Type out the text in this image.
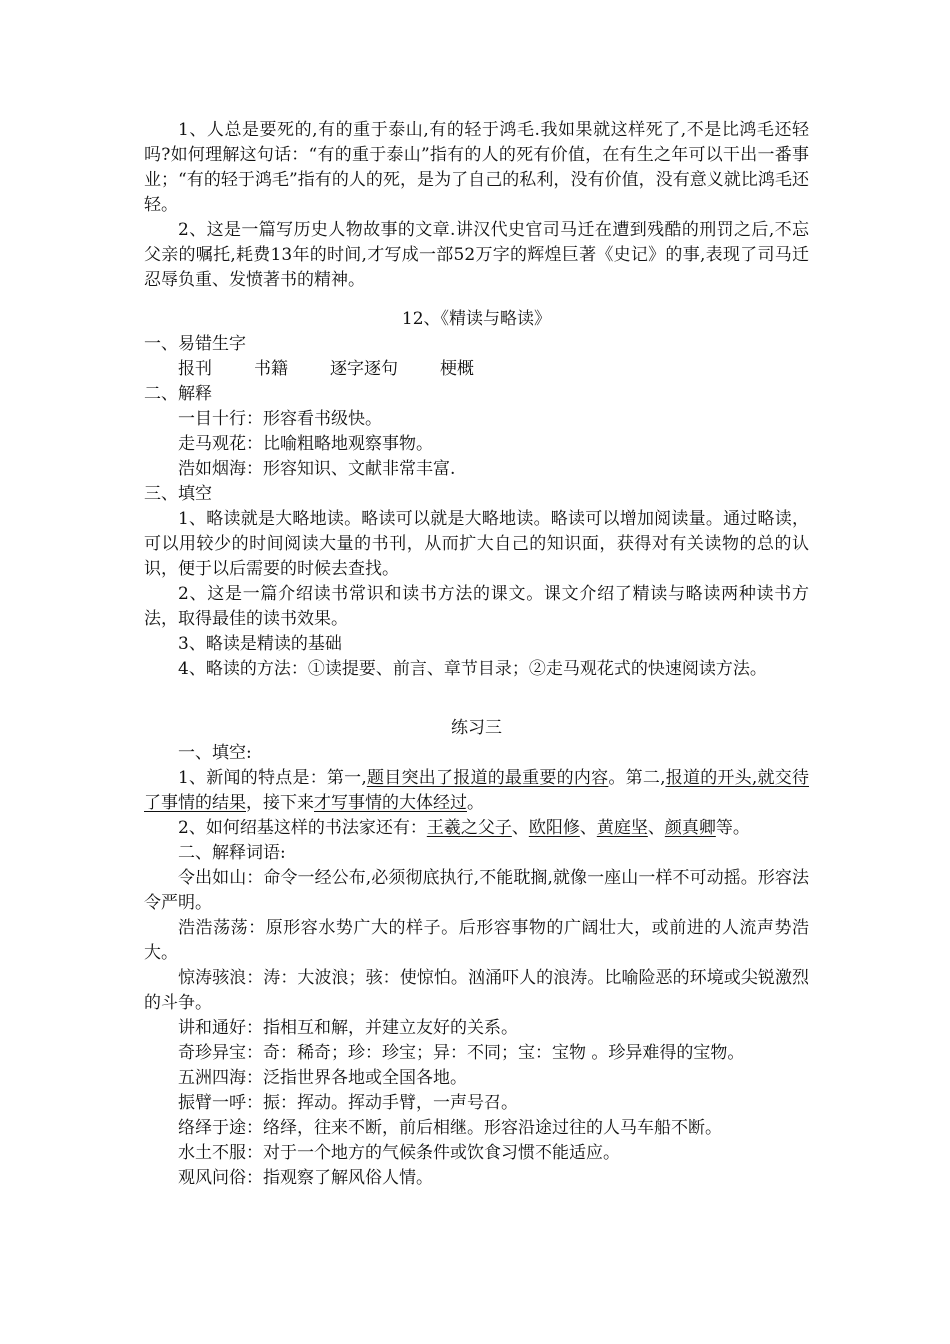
1、人总是要死的,有的重于泰山,有的轻于鸿毛.我如果就这样死了,不是比鸿毛还轻吗?如何理解这句话：“有的重于泰山”指有的人的死有价值，在有生之年可以干出一番事业；“有的轻于鸿毛”指有的人的死，是为了自己的私利，没有价值，没有意义就比鸿毛还轻。

2、这是一篇写历史人物故事的文章.讲汉代史官司马迁在遭到残酷的刑罚之后,不忘父亲的嘱托,耗费13年的时间,才写成一部52万字的辉煌巨著《史记》的事,表现了司马迁忍辱负重、发愤著书的精神。

12、《精读与略读》

一、易错生字

报刊 书籍 逐字逐句 梗概

二、解释

一目十行：形容看书级快。

走马观花：比喻粗略地观察事物。

浩如烟海：形容知识、文献非常丰富.

三、填空

1、略读就是大略地读。略读可以就是大略地读。略读可以增加阅读量。通过略读，可以用较少的时间阅读大量的书刊，从而扩大自己的知识面，获得对有关读物的总的认识，便于以后需要的时候去查找。

2、这是一篇介绍读书常识和读书方法的课文。课文介绍了精读与略读两种读书方法，取得最佳的读书效果。

3、略读是精读的基础

4、略读的方法：①读提要、前言、章节目录；②走马观花式的快速阅读方法。

练习三

一、填空:

1、新闻的特点是：第一,题目突出了报道的最重要的内容。第二,报道的开头,就交待了事情的结果，接下来才写事情的大体经过。

2、如何绍基这样的书法家还有：王羲之父子、欧阳修、黄庭坚、颜真卿等。

二、解释词语:

令出如山：命令一经公布,必须彻底执行,不能耽搁,就像一座山一样不可动摇。形容法令严明。

浩浩荡荡：原形容水势广大的样子。后形容事物的广阔壮大，或前进的人流声势浩大。

惊涛骇浪：涛：大波浪；骇：使惊怕。汹涌吓人的浪涛。比喻险恶的环境或尖锐激烈的斗争。

讲和通好：指相互和解，并建立友好的关系。

奇珍异宝：奇：稀奇；珍：珍宝；异：不同；宝：宝物 。珍异难得的宝物。

五洲四海：泛指世界各地或全国各地。

振臂一呼：振：挥动。挥动手臂，一声号召。

络绎于途：络绎，往来不断，前后相继。形容沿途过往的人马车船不断。

水土不服：对于一个地方的气候条件或饮食习惯不能适应。

观风问俗：指观察了解风俗人情。
